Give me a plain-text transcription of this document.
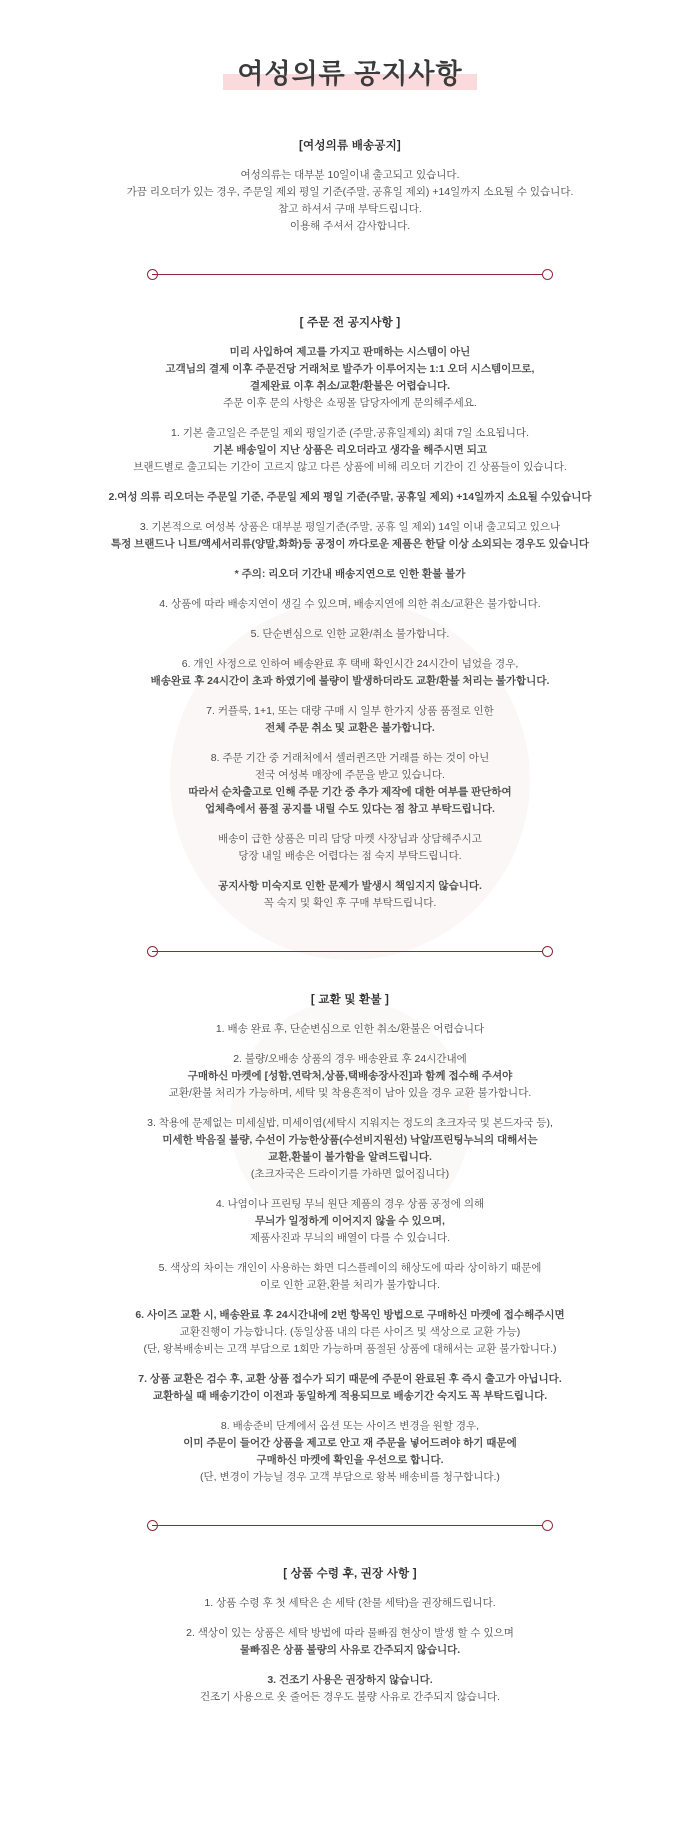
여성의류 공지사항
[여성의류 배송공지]

여성의류는 대부분 10일이내 출고되고 있습니다.

가끔 리오더가 있는 경우, 주문일 제외 평일 기준(주말, 공휴일 제외) +14일까지 소요될 수 있습니다.

참고 하셔서 구매 부탁드립니다.

이용해 주셔서 감사합니다.

[ 주문 전 공지사항 ]

미리 사입하여 제고를 가지고 판매하는 시스템이 아닌

고객님의 결제 이후 주문건당 거래처로 발주가 이루어지는 1:1 오더 시스템이므로,

결제완료 이후 취소/교환/환불은 어렵습니다.

주문 이후 문의 사항은 쇼핑몰 담당자에게 문의해주세요.

1. 기본 출고일은 주문일 제외 평일기준 (주말,공휴일제외) 최대 7일 소요됩니다.

기본 배송일이 지난 상품은 리오더라고 생각을 해주시면 되고

브랜드별로 출고되는 기간이 고르지 않고 다른 상품에 비해 리오더 기간이 긴 상품들이 있습니다.

2.여성 의류 리오더는 주문일 기준, 주문일 제외 평일 기준(주말, 공휴일 제외) +14일까지 소요될 수있습니다

3. 기본적으로 여성복 상품은 대부분 평일기준(주말, 공휴 일 제외) 14일 이내 출고되고 있으나

특정 브랜드나 니트/액세서리류(양말,화화)등 공정이 까다로운 제품은 한달 이상 소외되는 경우도 있습니다

* 주의: 리오더 기간내 배송지연으로 인한 환불 불가

4. 상품에 따라 배송지연이 생길 수 있으며, 배송지연에 의한 취소/교환은 불가합니다.

5. 단순변심으로 인한 교환/취소 불가합니다.

6. 개인 사정으로 인하여 배송완료 후 택배 확인시간 24시간이 넘었을 경우,

배송완료 후 24시간이 초과 하였기에 불량이 발생하더라도 교환/환불 처리는 불가합니다.

7. 커플룩, 1+1, 또는 대량 구매 시 일부 한가지 상품 품절로 인한

전체 주문 취소 및 교환은 불가합니다.

8. 주문 기간 중 거래처에서 셀러퀸즈만 거래를 하는 것이 아닌

전국 여성복 매장에 주문을 받고 있습니다.

따라서 순차출고로 인해 주문 기간 중 추가 제작에 대한 여부를 판단하여

업체측에서 품절 공지를 내릴 수도 있다는 점 참고 부탁드립니다.

배송이 급한 상품은 미리 담당 마켓 사장님과 상담해주시고

당장 내일 배송은 어렵다는 점 숙지 부탁드립니다.

공지사항 미숙지로 인한 문제가 발생시 책임지지 않습니다.

꼭 숙지 및 확인 후 구매 부탁드립니다.

[ 교환 및 환불 ]

1. 배송 완료 후, 단순변심으로 인한 취소/환불은 어렵습니다

2. 불량/오배송 상품의 경우 배송완료 후 24시간내에

구매하신 마켓에 [성함,연락처,상품,택배송장사진]과 함께 접수해 주셔야

교환/환불 처리가 가능하며, 세탁 및 착용흔적이 남아 있을 경우 교환 불가합니다.

3. 착용에 문제없는 미세실밥, 미세이염(세탁시 지워지는 정도의 초크자국 및 본드자국 등),

미세한 박음질 불량, 수선이 가능한상품(수선비지원선) 낙알/프린팅누늬의 대해서는

교환,환불이 불가함을 알려드립니다.

(초크자국은 드라이기를 가하면 없어집니다)

4. 나염이나 프린팅 무늬 원단 제품의 경우 상품 공정에 의해

무늬가 일정하게 이어지지 않을 수 있으며,

제품사진과 무늬의 배열이 다를 수 있습니다.

5. 색상의 차이는 개인이 사용하는 화면 디스플레이의 해상도에 따라 상이하기 때문에

이로 인한 교환,환불 처리가 불가합니다.

6. 사이즈 교환 시, 배송완료 후 24시간내에 2번 항목인 방법으로 구매하신 마켓에 접수해주시면

교환진행이 가능합니다. (동일상품 내의 다른 사이즈 및 색상으로 교환 가능)

(단, 왕복배송비는 고객 부담으로 1회만 가능하며 품절된 상품에 대해서는 교환 불가합니다.)

7. 상품 교환은 검수 후, 교환 상품 접수가 되기 때문에 주문이 완료된 후 즉시 출고가 아닙니다.

교환하실 때 배송기간이 이전과 동일하게 적용되므로 배송기간 숙지도 꼭 부탁드립니다.

8. 배송준비 단계에서 옵션 또는 사이즈 변경을 원할 경우,

이미 주문이 들어간 상품을 제고로 안고 재 주문을 넣어드려야 하기 때문에

구매하신 마켓에 확인을 우선으로 합니다.

(단, 변경이 가능닐 경우 고객 부담으로 왕복 배송비를 청구합니다.)

[ 상품 수령 후, 권장 사항 ]

1. 상품 수령 후 첫 세탁은 손 세탁 (찬물 세탁)을 권장해드립니다.

2. 색상이 있는 상품은 세탁 방법에 따라 물빠짐 현상이 발생 할 수 있으며

물빠짐은 상품 불량의 사유로 간주되지 않습니다.

3. 건조기 사용은 권장하지 않습니다.

건조기 사용으로 옷 줄어든 경우도 불량 사유로 간주되지 않습니다.
